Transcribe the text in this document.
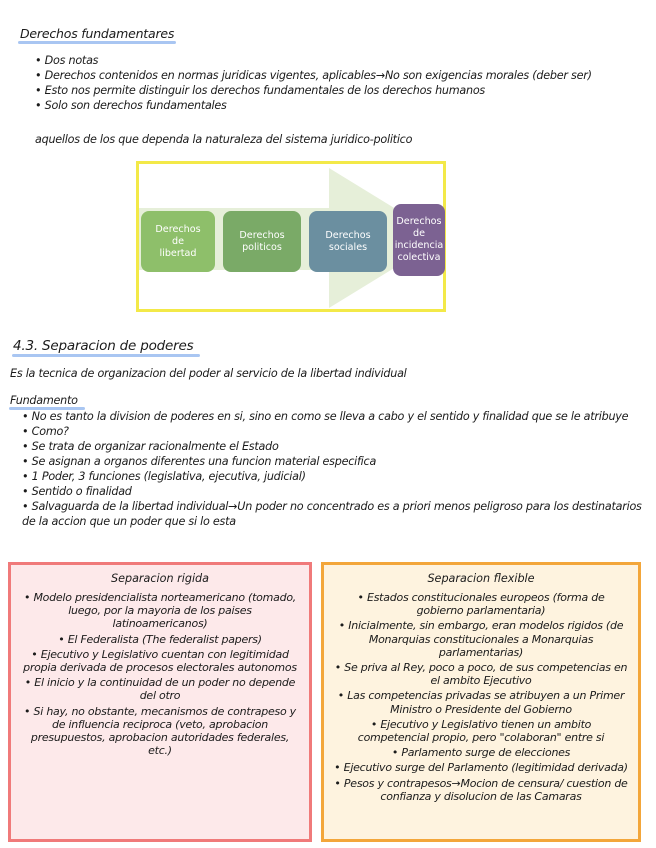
Derechos fundamentares
• Dos notas
• Derechos contenidos en normas juridicas vigentes, aplicables→No son exigencias morales (deber ser)
• Esto nos permite distinguir los derechos fundamentales de los derechos humanos
• Solo son derechos fundamentales
aquellos de los que dependa la naturaleza del sistema juridico-politico
Derechos
de
libertad
Derechos
politicos
Derechos
sociales
Derechos
de
incidencia
colectiva
4.3. Separacion de poderes
Es la tecnica de organizacion del poder al servicio de la libertad individual
Fundamento
• No es tanto la division de poderes en si, sino en como se lleva a cabo y el sentido y finalidad que se le atribuye
• Como?
• Se trata de organizar racionalmente el Estado
• Se asignan a organos diferentes una funcion material especifica
• 1 Poder, 3 funciones (legislativa, ejecutiva, judicial)
• Sentido o finalidad
• Salvaguarda de la libertad individual→Un poder no concentrado es a priori menos peligroso para los destinatarios de la accion que un poder que si lo esta
Separacion rigida
• Modelo presidencialista norteamericano (tomado, luego, por la mayoria de los paises latinoamericanos)
• El Federalista (The federalist papers)
• Ejecutivo y Legislativo cuentan con legitimidad propia derivada de procesos electorales autonomos
• El inicio y la continuidad de un poder no depende del otro
• Si hay, no obstante, mecanismos de contrapeso y de influencia reciproca (veto, aprobacion presupuestos, aprobacion autoridades federales, etc.)
Separacion flexible
• Estados constitucionales europeos (forma de gobierno parlamentaria)
• Inicialmente, sin embargo, eran modelos rigidos (de Monarquias constitucionales a Monarquias parlamentarias)
• Se priva al Rey, poco a poco, de sus competencias en el ambito Ejecutivo
• Las competencias privadas se atribuyen a un Primer Ministro o Presidente del Gobierno
• Ejecutivo y Legislativo tienen un ambito competencial propio, pero "colaboran" entre si
• Parlamento surge de elecciones
• Ejecutivo surge del Parlamento (legitimidad derivada)
• Pesos y contrapesos→Mocion de censura/ cuestion de confianza y disolucion de las Camaras
